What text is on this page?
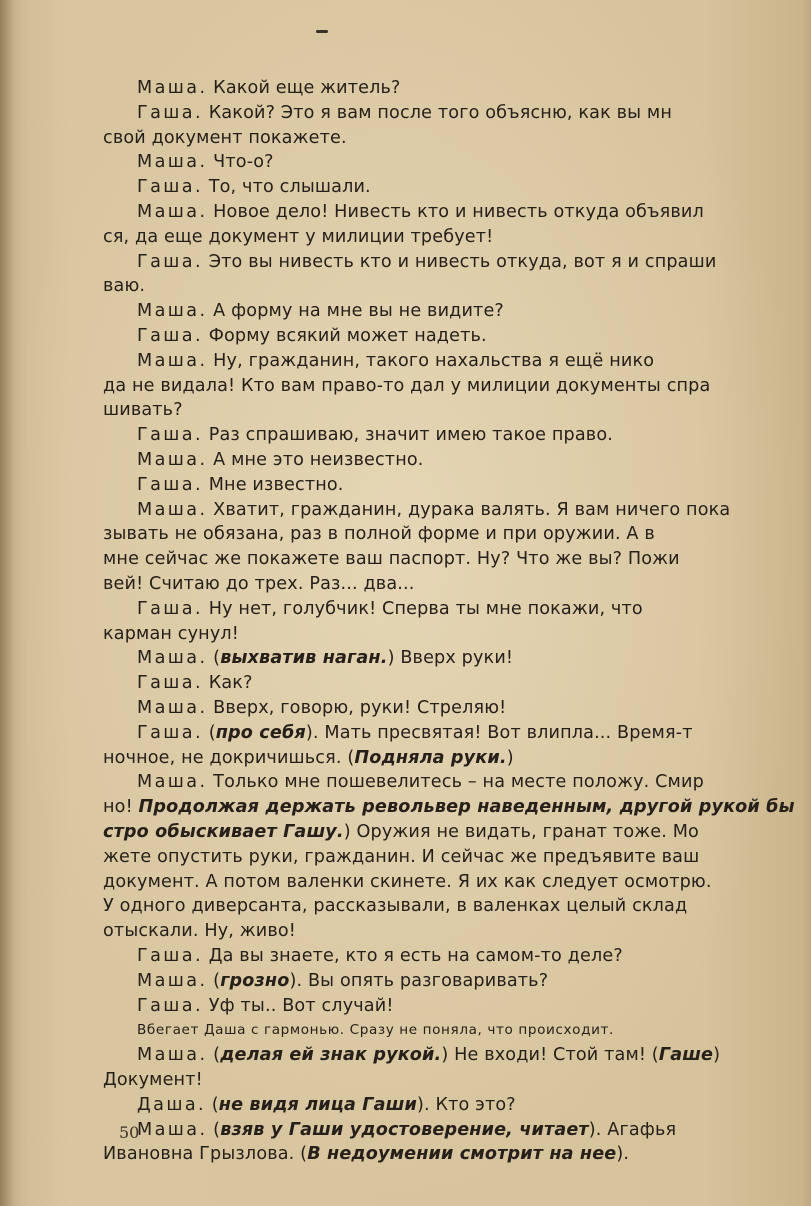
Маша. Какой еще житель?
Гаша. Какой? Это я вам после того объясню, как вы мн
свой документ покажете.
Маша. Что-о?
Гаша. То, что слышали.
Маша. Новое дело! Нивесть кто и нивесть откуда объявил
ся, да еще документ у милиции требует!
Гаша. Это вы нивесть кто и нивесть откуда, вот я и спраши
ваю.
Маша. А форму на мне вы не видите?
Гаша. Форму всякий может надеть.
Маша. Ну, гражданин, такого нахальства я ещё нико
да не видала! Кто вам право-то дал у милиции документы спра
шивать?
Гаша. Раз спрашиваю, значит имею такое право.
Маша. А мне это неизвестно.
Гаша. Мне известно.
Маша. Хватит, гражданин, дурака валять. Я вам ничего пока
зывать не обязана, раз в полной форме и при оружии. А в
мне сейчас же покажете ваш паспорт. Ну? Что же вы? Пожи
вей! Считаю до трех. Раз... два...
Гаша. Ну нет, голубчик! Сперва ты мне покажи, что
карман сунул!
Маша. (выхватив наган.) Вверх руки!
Гаша. Как?
Маша. Вверх, говорю, руки! Стреляю!
Гаша. (про себя). Мать пресвятая! Вот влипла... Время-т
ночное, не докричишься. (Подняла руки.)
Маша. Только мне пошевелитесь – на месте положу. Смир
но! Продолжая держать револьвер наведенным, другой рукой бы
стро обыскивает Гашу.) Оружия не видать, гранат тоже. Мо
жете опустить руки, гражданин. И сейчас же предъявите ваш
документ. А потом валенки скинете. Я их как следует осмотрю.
У одного диверсанта, рассказывали, в валенках целый склад
отыскали. Ну, живо!
Гаша. Да вы знаете, кто я есть на самом-то деле?
Маша. (грозно). Вы опять разговаривать?
Гаша. Уф ты.. Вот случай!
Вбегает Даша с гармонью. Сразу не поняла, что происходит.
Маша. (делая ей знак рукой.) Не входи! Стой там! (Гаше)
Документ!
Даша. (не видя лица Гаши). Кто это?
Маша. (взяв у Гаши удостоверение, читает). Агафья
Ивановна Грызлова. (В недоумении смотрит на нее).
50
